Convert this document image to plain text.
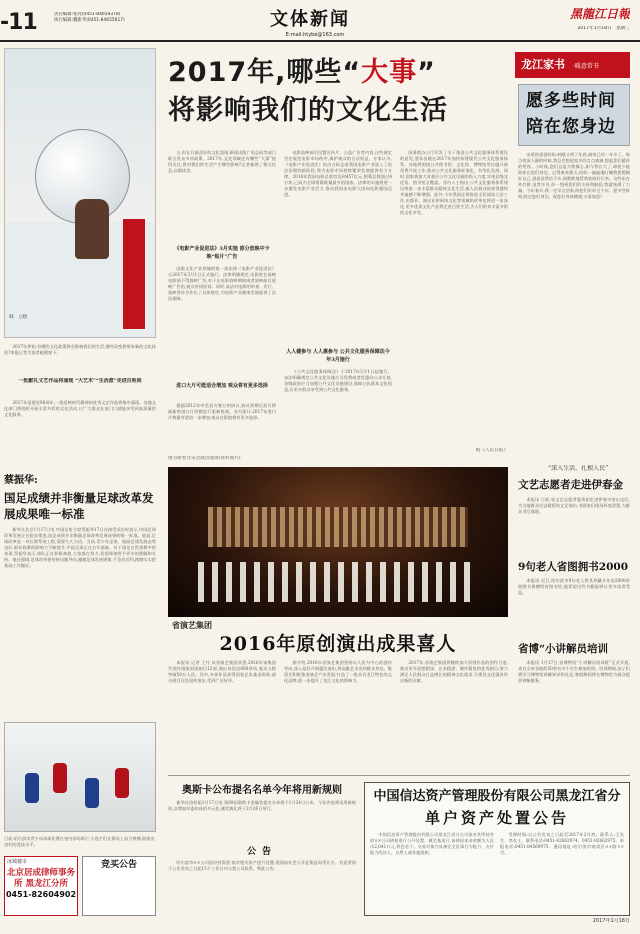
-11	责任编辑:张亮(0451-84659378)
执行编辑:魏新华(0451-84655617)	文体新闻
E-mail:htybe@163.com
黑龍江日報
2017年1月18日　星期三
韩　立绘
2017年,哪些“大事”
将影响我们的文化生活
龙江家书 ·暖意常书
愿多些时间
陪在您身边

亲爱的爸爸妈妈:转眼又到了年底,离家已经一年多了。每当夜深人静的时候,我总会想起家乡的点点滴滴,想起您们慈祥的笑容。小时候,您们总是为我操心,如今我长大了,却很少能陪伴在您们身边。记得离家那天,妈妈一遍遍地叮嘱我要照顾好自己,爸爸虽然话不多,却默默地帮我收拾好行李。这些年在外打拼,虽然辛苦,但一想到您们的支持和鼓励,我就充满了力量。今年春节,我一定早点回家,陪您们好好过个年。愿多些时间,陪在您们身边。祝您们身体健康,万事如意!

“深入生活、扎根人民”
文艺志愿者走进伊春金

本报讯 日前,省文艺志愿者服务团走进伊春市金山屯区,为当地群众送去精彩的文艺演出,书画家们现场挥毫泼墨,为群众书写春联。

9句老人省图拥书2000

本报讯 近日,哈尔滨市9句老人将其珍藏多年的2000余册图书捐赠给省图书馆,他希望这些书籍能够让更多读者受益。

省博“小讲解员培训

本报讯 1月17日,省博物馆“小讲解员培训班”正式开班,来自全省各地的50余名中小学生参加培训。培训期间,孩子们将学习博物馆讲解知识和礼仪,寒假期间将在博物馆为观众提供讲解服务。

2017年伊始,有哪些文化政策将会影响我们的生活,哪些改变将带来新的文化体验?本报记者为读者梳理如下。

一批献礼文艺作品将涌现 “大艺术”“生活派”走进百姓间

2017年是建党96周年,一批反映时代精神的优秀文艺作品将集中涌现。各地文化部门将组织开展丰富多彩的文化活动,让广大群众在家门口就能享受到高质量的文化服务。

蔡振华:
国足成绩并非衡量足球改革发展成果唯一标准

新华社北京1月17日电 中国足协主席蔡振华17日在接受采访时表示,中国足球改革发展正在稳步推进,国足成绩并非衡量足球改革发展成果的唯一标准。他说,足球改革是一项长期系统工程,需要久久为功。当前,青少年足球、校园足球发展态势良好,职业联赛的影响力不断提升,中国足球正在打牢基础。对于国足在世预赛中的表现,蔡振华表示,球队正在积极备战,大家都在努力,希望球迷给予更多的理解和支持。他还强调,足球改革要坚持问题导向,遵循足球发展规律,不急功近利,踏踏实实把基础工作做好。

日前,哈尔滨市青少年冰球比赛在室内冰场举行,小选手们在赛场上奋力拼搏,展现出良好的竞技水平。
冰城楼市
北京居成律师事务所 黑龙江分所
0451-82604902
竞买公告

日,但在日渐喜好的文化氛围,新闻出版广电总局等部门联合发布多项政策。2017年,文化领域还有哪些“大事”值得关注,将对我们的生活产生哪些影响?记者梳理了相关信息,以飨读者。

《电影产业促进法》3月实施 部分放映中卡映“贴片”广告

国家文化产业领域的第一部法律《电影产业促进法》自2017年3月1日正式施行。法律明确规定,电影院在放映电影前不得放映广告,对于在电影放映期间或者放映前后放映广告的,观众有权投诉。同时,该法对电影的审查、发行、放映等环节作出了具体规定,为电影产业健康发展提供了法治保障。

进口大片可能适合增加 观众将有更多选择

根据2012年中美双方签订的协议,协议到期后双方将就新的进口片份额进行重新协商。业内预计,2017年进口片数量有望进一步增加,观众在影院将有更多选择。

电影放映前后设置宣传片、公益广告等内容,这些规定旨在规范电影市场秩序,保护观众的合法权益。专家认为,《电影产业促进法》的出台标志着我国电影产业进入了依法治理的新阶段,将为电影市场持续繁荣发展提供有力支撑。2016年我国电影总票房达到457亿元,银幕总数超过4万块,已成为全球银幕数量最多的国家。法律的实施将进一步激发电影产业活力,推动我国由电影大国向电影强国迈进。

人人健参与 人人惠参与 公共文化服务保障法今年3月施行

《公共文化服务保障法》于2017年3月1日起施行。该法明确规定公共文化设施应当免费或者优惠向公众开放,各级政府应当加强公共文化设施建设,保障公民基本文化权益,让更多群众享受到公共文化服务。

国务院办公厅印发了关于推进公共文化服务体系建设的意见,要求各地在2017年加快构建现代公共文化服务体系。各地将围绕公共图书馆、文化馆、博物馆等设施开展免费开放工作,推动公共文化服务标准化、均等化发展。同时,国家将加大对基层公共文化设施的投入力度,实现县级文化馆、图书馆全覆盖。业内人士指出,公共文化服务体系建设将进一步丰富群众精神文化生活,使人民群众的获得感和幸福感不断增强。此外,今年我国还将推进全民阅读立法工作,出版业、演出业和网络文化等领域的改革也将进一步深化,更多优质文化产品将走进百姓生活,为人们带来丰富多彩的文化享受。

据《人民日报》
图为新春音乐会演出现场(资料图片)
省演艺集团
2016年原创演出成果喜人

本报讯 记者 王丹 从省演艺集团获悉,2016年该集团共创作排演原创剧目12部,演出场次达800余场,观众人数突破50万人次。其中,多部作品获得国家艺术基金资助,部分剧目还赴国外演出,受到广泛好评。

据介绍,2016年省演艺集团坚持以人民为中心的创作导向,深入基层开展惠民演出,将高雅艺术送到群众身边。集团还积极推进演艺产业发展,打造了一批具有龙江特色的文化品牌,进一步提升了龙江文化的影响力。

2017年,省演艺集团将继续加大原创作品的创作力度,推出更多思想精深、艺术精湛、制作精良的优秀剧目,努力满足人民群众日益增长的精神文化需求,为建设文化强省作出新的贡献。

奥斯卡公布提名名单今年将用新规则

新华社洛杉矶1月17日电 第89届奥斯卡金像奖提名名单将于1月24日公布。今年评选将采用新规则,以增加评委构成的多元化,颁奖典礼将于2月26日举行。

公告

哈尔滨市××公司因经营需要,拟对相关资产进行处置,现面向社会公开征集意向受让方。有意者请于公告发布之日起15个工作日内与我公司联系。特此公告。

中国信达资产管理股份有限公司黑龙江省分
单户资产处置公告

中国信达资产管理股份有限公司黑龙江省分公司拟对其所持有的××公司债权进行公开处置。截至基准日,该债权本金余额为人民币2,641万元,利息若干。交易对象为具备完全民事行为能力、支付能力的法人、自然人或其他组织。

受理时间:自公告发布之日起至2017年2月底。联系人:王先生、李女士。联系电话:0451-82662974、0451-82662975。举报电话:0451-84569975。通讯地址:哈尔滨市南岗区××路××号。

2017年1月18日
